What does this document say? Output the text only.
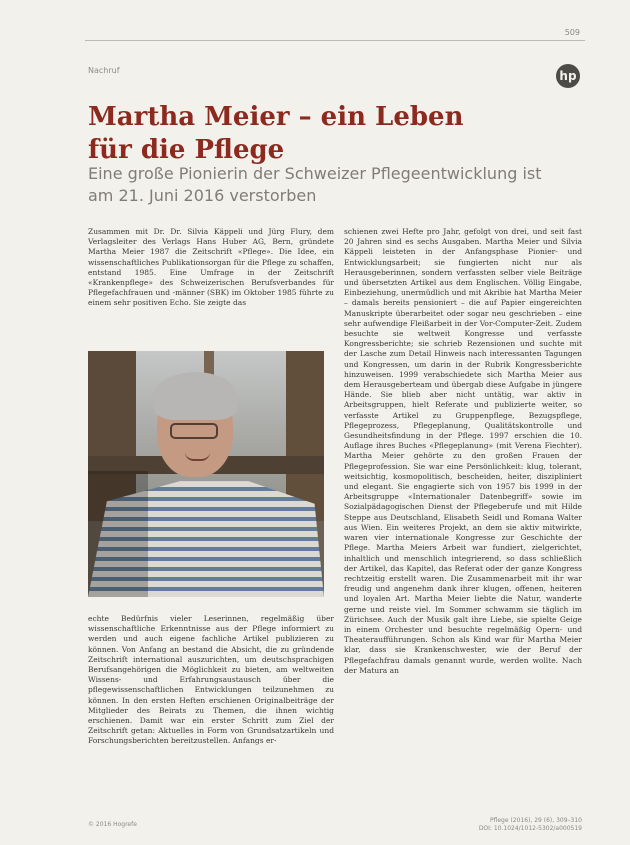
509
Nachruf	hp
Martha Meier – ein Leben für die Pflege
Eine große Pionierin der Schweizer Pflegeentwicklung ist am 21. Juni 2016 verstorben

Zusammen mit Dr. Dr. Silvia Käppeli und Jürg Flury, dem Verlagsleiter des Verlags Hans Huber AG, Bern, gründete Martha Meier 1987 die Zeitschrift «Pflege». Die Idee, ein wissenschaftliches Publikationsorgan für die Pflege zu schaffen, entstand 1985. Eine Umfrage in der Zeitschrift «Krankenpflege» des Schweizerischen Berufsverbandes für Pflegefachfrauen und -männer (SBK) im Oktober 1985 führte zu einem sehr positiven Echo. Sie zeigte das

echte Bedürfnis vieler Leserinnen, regelmäßig über wissenschaftliche Erkenntnisse aus der Pflege informiert zu werden und auch eigene fachliche Artikel publizieren zu können. Von Anfang an bestand die Absicht, die zu gründende Zeitschrift international auszurichten, um deutschsprachigen Berufsangehörigen die Möglichkeit zu bieten, am weltweiten Wissens- und Erfahrungsaustausch über die pflegewissenschaftlichen Entwicklungen teilzunehmen zu können. In den ersten Heften erschienen Originalbeiträge der Mitglieder des Beirats zu Themen, die ihnen wichtig erschienen. Damit war ein erster Schritt zum Ziel der Zeitschrift getan: Aktuelles in Form von Grundsatzartikeln und Forschungsberichten bereitzustellen. Anfangs er-

schienen zwei Hefte pro Jahr, gefolgt von drei, und seit fast 20 Jahren sind es sechs Ausgaben. Martha Meier und Silvia Käppeli leisteten in der Anfangsphase Pionier- und Entwicklungsarbeit; sie fungierten nicht nur als Herausgeberinnen, sondern verfassten selber viele Beiträge und übersetzten Artikel aus dem Englischen. Völlig Eingabe, Einbeziehung, unermüdlich und mit Akribie hat Martha Meier – damals bereits pensioniert – die auf Papier eingereichten Manuskripte überarbeitet oder sogar neu geschrieben – eine sehr aufwendige Fleißarbeit in der Vor-Computer-Zeit. Zudem besuchte sie weltweit Kongresse und verfasste Kongressberichte; sie schrieb Rezensionen und suchte mit der Lasche zum Detail Hinweis nach interessanten Tagungen und Kongressen, um darin in der Rubrik Kongressberichte hinzuweisen. 1999 verabschiedete sich Martha Meier aus dem Herausgeberteam und übergab diese Aufgabe in jüngere Hände. Sie blieb aber nicht untätig, war aktiv in Arbeitsgruppen, hielt Referate und publizierte weiter, so verfasste Artikel zu Gruppenpflege, Bezugspflege, Pflegeprozess, Pflegeplanung, Qualitätskontrolle und Gesundheitsfindung in der Pflege. 1997 erschien die 10. Auflage ihres Buches «Pflegeplanung» (mit Verena Fiechter). Martha Meier gehörte zu den großen Frauen der Pflegeprofession. Sie war eine Persönlichkeit: klug, tolerant, weitsichtig, kosmopolitisch, bescheiden, heiter, diszipliniert und elegant. Sie engagierte sich von 1957 bis 1999 in der Arbeitsgruppe «Internationaler Datenbegriff» sowie im Sozialpädagogischen Dienst der Pflegeberufe und mit Hilde Steppe aus Deutschland, Elisabeth Seidl und Romana Walter aus Wien. Ein weiteres Projekt, an dem sie aktiv mitwirkte, waren vier internationale Kongresse zur Geschichte der Pflege. Martha Meiers Arbeit war fundiert, zielgerichtet, inhaltlich und menschlich integrierend, so dass schließlich der Artikel, das Kapitel, das Referat oder der ganze Kongress rechtzeitig erstellt waren. Die Zusammenarbeit mit ihr war freudig und angenehm dank ihrer klugen, offenen, heiteren und loyalen Art. Martha Meier liebte die Natur, wanderte gerne und reiste viel. Im Sommer schwamm sie täglich im Zürichsee. Auch der Musik galt ihre Liebe, sie spielte Geige in einem Orchester und besuchte regelmäßig Opern- und Theateraufführungen. Schon als Kind war für Martha Meier klar, dass sie Krankenschwester, wie der Beruf der Pflegefachfrau damals genannt wurde, werden wollte. Nach der Matura an

© 2016 Hogrefe
Pflege (2016), 29 (6), 309–310
DOI: 10.1024/1012-5302/a000519
